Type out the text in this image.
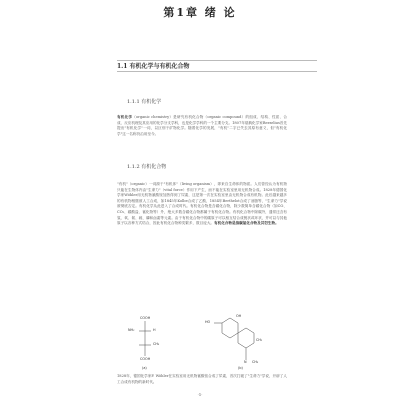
第1章 绪 论
1.1 有机化学与有机化合物
1.1.1 有机化学
有机化学（organic chemistry）是研究有机化合物（organic compound）的组成、结构、性质、合成、反应机理及其应用的化学分支学科，也是化学学科的一个主要分支。1807年瑞典化学家Berzelius首先提出"有机化学"一词，以区别于矿物化学。随着化学的发展，"有机"二字已失去其原有意义，但"有机化学"这一名称仍沿用至今。
1.1.2 有机化合物
"有机"（organic）一词源于"有机体"（living organism），即来自生命体的物质。人们曾经认为有机物只能在生物体内由"生命力"（vital force）作用下产生，而不能在实验室里用无机物合成。1828年德国化学家Wöhler用无机物氰酸铵加热得到了尿素，这是第一次在实验室里由无机物合成有机物。此后越来越多的有机物相继被人工合成，如1845年Kolbe合成了乙酸，1854年Berthelot合成了油脂等，"生命力"学说被彻底否定。有机化学从此进入了合成时代。有机化合物是含碳化合物，除少数简单含碳化合物（如CO、CO₂、碳酸盐、氰化物等）外，绝大多数含碳化合物都属于有机化合物。有机化合物中除碳外，通常还含有氢、氧、氮、硫、磷和卤素等元素。由于有机化合物中的碳原子可以相互结合成链状或环状，并可以与其他原子以各种方式结合，因此有机化合物种类繁多，数目庞大。有机化合物是指碳氢化合物及其衍生物。
COOH
NH₂	H
CH₃
COOH
(a)
HO
OH
CH₂
N CH₃
(b)
1828年，德国化学家F. Wöhler在实验室用无机物氰酸铵合成了尿素，首次打破了"生命力"学说，开辟了人工合成有机物的新时代。
·1·
